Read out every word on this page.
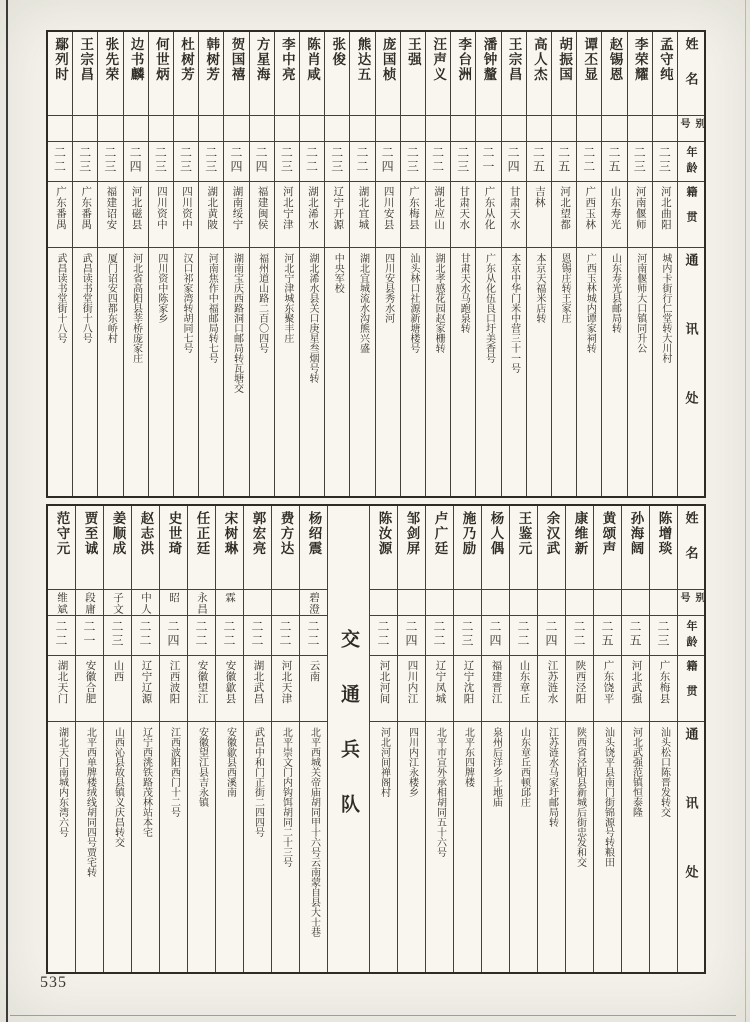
姓名
别号
年龄
籍贯
通讯处
孟守纯
二三
河北曲阳
城内卡街行仁堂转大川村
李荣耀
二三
河南偃师
河南偃师大口镇同升公
赵锡恩
二五
山东寿光
山东寿光县邮局转
谭丕显
二二
广西玉林
广西玉林城内谭家祠转
胡振国
二五
河北望都
恩锡庄转王家庄
高人杰
二五
吉林
本京天福米店转
王宗昌
二四
甘肃天水
本京中华门米中营三十一号
潘钟釐
二一
广东从化
广东从化伍良口圩美香号
李台洲
二三
甘肃天水
甘肃天水马跑泉转
汪声义
二二
湖北应山
湖北孝感花园赵家栅转
王强
二三
广东梅县
汕头林口社源新塘楼号
庞国桢
二四
四川安县
四川安县秀水河
熊达五
二二
湖北宜城
湖北宜城流水沟熊兴盛
张俊
二三
辽宁开源
中央军校
陈肖咸
二二
湖北浠水
湖北浠水县关口庚星叁烟号转
李中亮
二三
河北宁津
河北宁津城东聚丰庄
方星海
二四
福建闽侯
福州道山路二百〇四号
贺国禧
二四
湖南绥宁
湖南宝庆西路洞口邮局转瓦塘交
韩树芳
二三
湖北黄陂
河南焦作中福邮局转七号
杜树芳
二三
四川资中
汉口祁家湾转胡同七号
何世炳
二三
四川资中
四川资中陈家乡
边书麟
二四
河北磁县
河北省高阳县莘桥庞家庄
张先荣
二三
福建诏安
厦门诏安四都东峤村
王宗昌
二三
广东番禺
武昌读书堂街十八号
鄢列时
二二
广东番禺
武昌读书堂街十八号
姓名
别号
年龄
籍贯
通讯处
陈增琰
二三
广东梅县
汕头松口陈晋发转交
孙海阔
二五
河北武强
河北武强范镇恒泰隆
黄颂声
二五
广东饶平
汕头饶平县南门街锦源号转粮田
康维新
二二
陕西泾阳
陕西省泾阳县新城后街忠发和交
余汉武
二四
江苏涟水
江苏涟水马家圩邮局转
王鉴元
二二
山东章丘
山东章丘西顿邱庄
杨人偶
二四
福建晋江
泉州后洋乡土地庙
施乃励
二三
辽宁沈阳
北平东四牌楼
卢广廷
二二
辽宁凤城
北平市宣外承相胡同五十六号
邹剑屏
二四
四川内江
四川内江永楼乡
陈汝源
二二
河北河间
河北河间禅阁村
交通兵队
杨绍震
碧澄
二二
云南
北平西城关帝庙胡同甲十六号云南蒙自县大士巷
费方达
二二
河北天津
北平崇文门内钩饵胡同二十三号
郭宏亮
二二
湖北武昌
武昌中和门正街二四四号
宋树琳
霖
二二
安徽歙县
安徽歙县西溪南
任正廷
永昌
二二
安徽望江
安徽望江县吉永镇
史世琦
昭
二四
江西波阳
江西波阳西门十二号
赵志洪
中人
二二
辽宁辽源
辽宁西洮铁路茂林站本宅
姜顺成
子文
二三
山西
山西沁县故县镇义庆昌转交
贾至诚
段庸
二一
安徽合肥
北平西单牌楼绒线胡同四号贾宅转
范守元
维斌
二二
湖北天门
湖北天门南城内东湾六号
535
